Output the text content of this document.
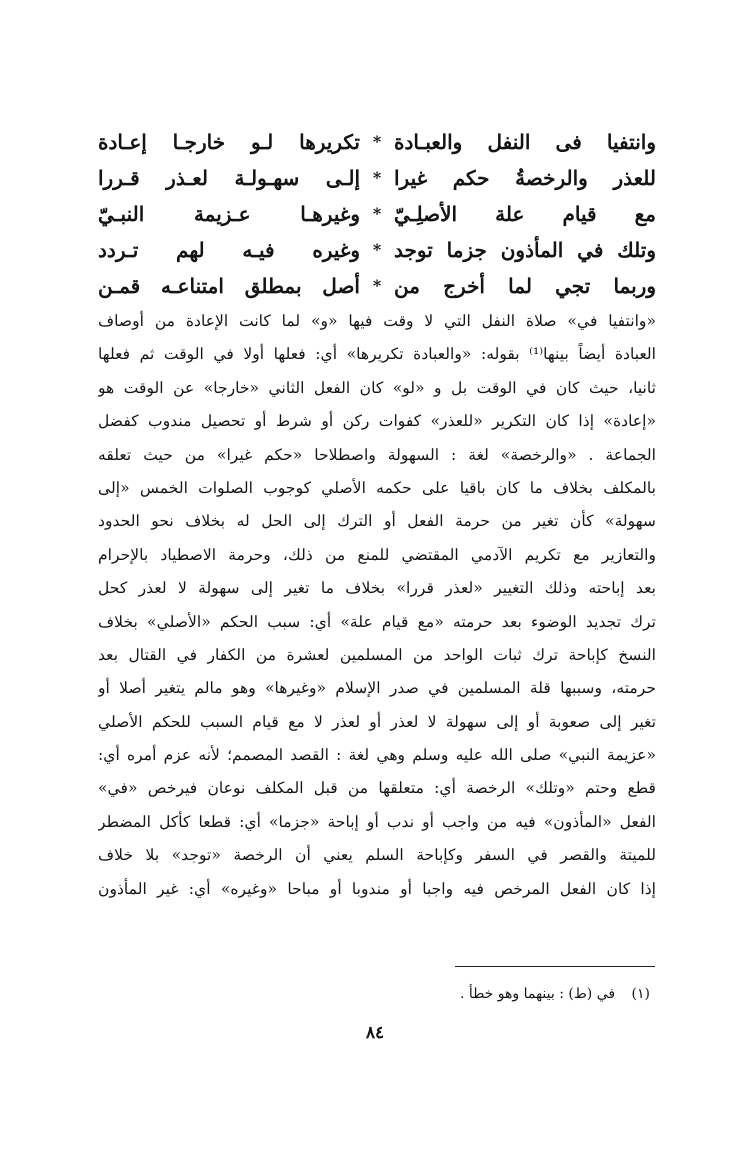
وانتفيا فى النفل والعبـادة
*
تكريرها لـو خارجـا إعـادة
للعذر والرخصةُ حكم غيرا
*
إلـى سهـولـة لعـذر قـررا
مع قيام علة الأصلِـيّ
*
وغيرهـا عـزيمة النبـيّ
وتلك في المأذون جزما توجد
*
وغيره فيـه لهم تـردد
وربما تجي لما أخرج من
*
أصل بمطلق امتناعـه قمـن
«وانتفيا في» صلاة النفل التي لا وقت فيها «و» لما كانت الإعادة من أوصاف
العبادة أيضاً بينها⁽¹⁾ بقوله: «والعبادة تكريرها» أي: فعلها أولا في الوقت ثم فعلها
ثانيا، حيث كان في الوقت بل و «لو» كان الفعل الثاني «خارجا» عن الوقت هو
«إعادة» إذا كان التكرير «للعذر» كفوات ركن أو شرط أو تحصيل مندوب كفضل
الجماعة . «والرخصة» لغة : السهولة واصطلاحا «حكم غيرا» من حيث تعلقه
بالمكلف بخلاف ما كان باقيا على حكمه الأصلي كوجوب الصلوات الخمس «إلى
سهولة» كأن تغير من حرمة الفعل أو الترك إلى الحل له بخلاف نحو الحدود
والتعازير مع تكريم الآدمي المقتضي للمنع من ذلك، وحرمة الاصطياد بالإحرام
بعد إباحته وذلك التغيير «لعذر قررا» بخلاف ما تغير إلى سهولة لا لعذر كحل
ترك تجديد الوضوء بعد حرمته «مع قيام علة» أي: سبب الحكم «الأصلي» بخلاف
النسخ كإباحة ترك ثبات الواحد من المسلمين لعشرة من الكفار في القتال بعد
حرمته، وسببها قلة المسلمين في صدر الإسلام «وغيرها» وهو مالم يتغير أصلا أو
تغير إلى صعوبة أو إلى سهولة لا لعذر أو لعذر لا مع قيام السبب للحكم الأصلي
«عزيمة النبي» صلى الله عليه وسلم وهي لغة : القصد المصمم؛ لأنه عزم أمره أي:
قطع وحتم «وتلك» الرخصة أي: متعلقها من قبل المكلف نوعان فيرخص «في»
الفعل «المأذون» فيه من واجب أو ندب أو إباحة «جزما» أي: قطعا كأكل المضطر
للميتة والقصر في السفر وكإباحة السلم يعني أن الرخصة «توجد» بلا خلاف
إذا كان الفعل المرخص فيه واجبا أو مندوبا أو مباحا «وغيره» أي: غير المأذون
(١) في (ط) : بينهما وهو خطأ .
٨٤
